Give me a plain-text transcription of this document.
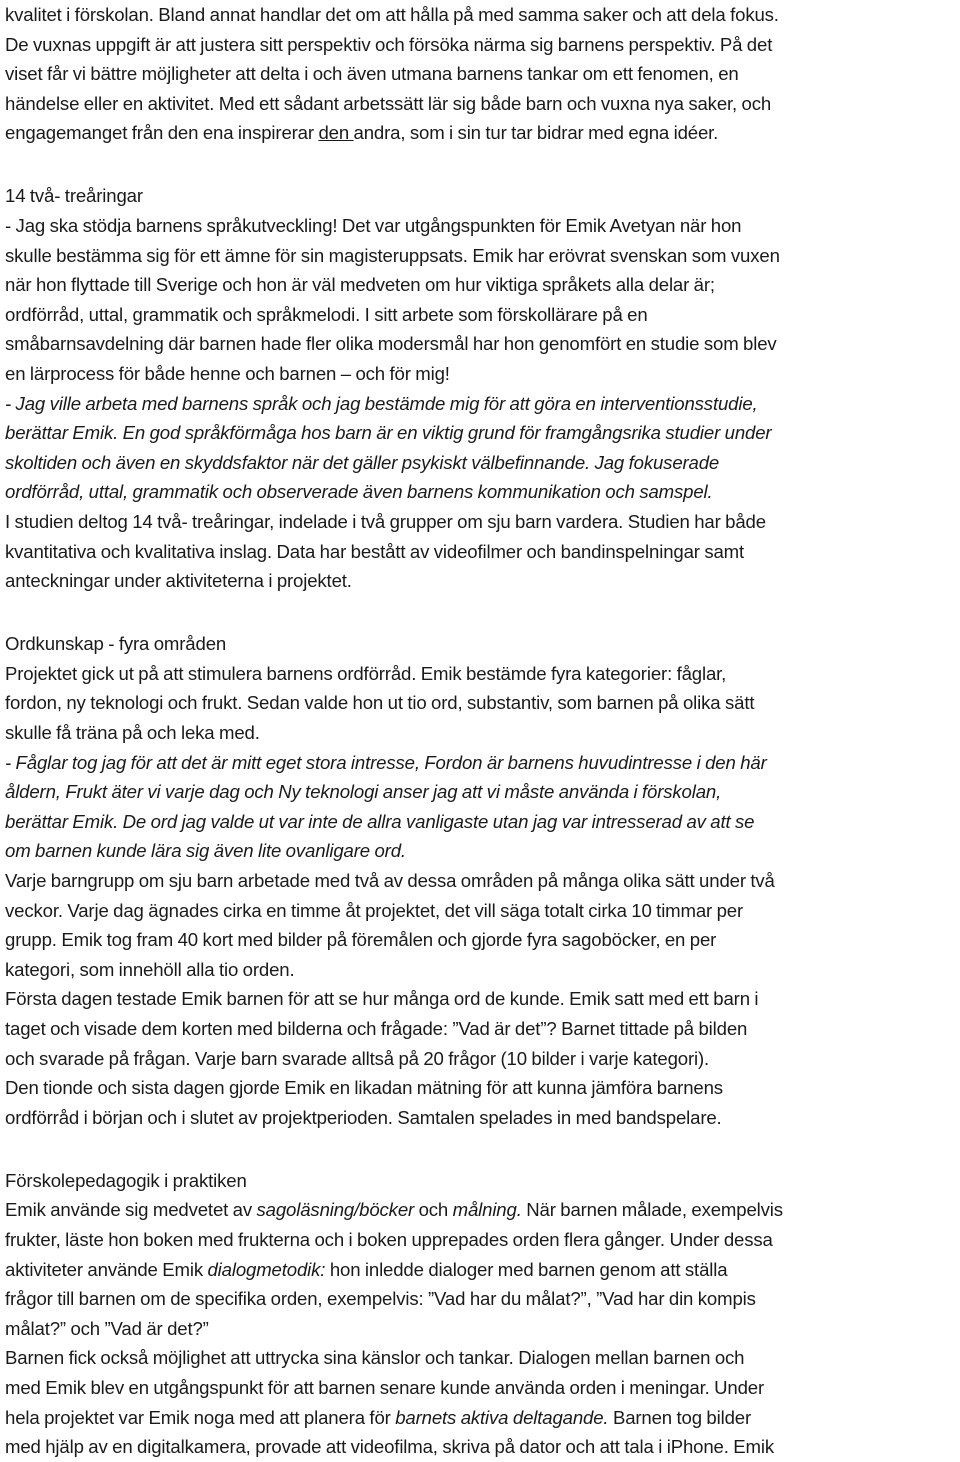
kvalitet i förskolan. Bland annat handlar det om att hålla på med samma saker och att dela fokus.
De vuxnas uppgift är att justera sitt perspektiv och försöka närma sig barnens perspektiv. På det
viset får vi bättre möjligheter att delta i och även utmana barnens tankar om ett fenomen, en
händelse eller en aktivitet. Med ett sådant arbetssätt lär sig både barn och vuxna nya saker, och
engagemanget från den ena inspirerar den andra, som i sin tur tar bidrar med egna idéer.
14 två- treåringar
- Jag ska stödja barnens språkutveckling! Det var utgångspunkten för Emik Avetyan när hon
skulle bestämma sig för ett ämne för sin magisteruppsats. Emik har erövrat svenskan som vuxen
när hon flyttade till Sverige och hon är väl medveten om hur viktiga språkets alla delar är;
ordförråd, uttal, grammatik och språkmelodi. I sitt arbete som förskollärare på en
småbarnsavdelning där barnen hade fler olika modersmål har hon genomfört en studie som blev
en lärprocess för både henne och barnen – och för mig!
- Jag ville arbeta med barnens språk och jag bestämde mig för att göra en interventionsstudie,
berättar Emik. En god språkförmåga hos barn är en viktig grund för framgångsrika studier under
skoltiden och även en skyddsfaktor när det gäller psykiskt välbefinnande. Jag fokuserade
ordförråd, uttal, grammatik och observerade även barnens kommunikation och samspel.
I studien deltog 14 två- treåringar, indelade i två grupper om sju barn vardera. Studien har både
kvantitativa och kvalitativa inslag. Data har bestått av videofilmer och bandinspelningar samt
anteckningar under aktiviteterna i projektet.
Ordkunskap - fyra områden
Projektet gick ut på att stimulera barnens ordförråd. Emik bestämde fyra kategorier: fåglar,
fordon, ny teknologi och frukt. Sedan valde hon ut tio ord, substantiv, som barnen på olika sätt
skulle få träna på och leka med.
- Fåglar tog jag för att det är mitt eget stora intresse, Fordon är barnens huvudintresse i den här
åldern, Frukt äter vi varje dag och Ny teknologi anser jag att vi måste använda i förskolan,
berättar Emik. De ord jag valde ut var inte de allra vanligaste utan jag var intresserad av att se
om barnen kunde lära sig även lite ovanligare ord.
Varje barngrupp om sju barn arbetade med två av dessa områden på många olika sätt under två
veckor. Varje dag ägnades cirka en timme åt projektet, det vill säga totalt cirka 10 timmar per
grupp. Emik tog fram 40 kort med bilder på föremålen och gjorde fyra sagoböcker, en per
kategori, som innehöll alla tio orden.
Första dagen testade Emik barnen för att se hur många ord de kunde. Emik satt med ett barn i
taget och visade dem korten med bilderna och frågade: ”Vad är det”? Barnet tittade på bilden
och svarade på frågan. Varje barn svarade alltså på 20 frågor (10 bilder i varje kategori).
Den tionde och sista dagen gjorde Emik en likadan mätning för att kunna jämföra barnens
ordförråd i början och i slutet av projektperioden. Samtalen spelades in med bandspelare.
Förskolepedagogik i praktiken
Emik använde sig medvetet av sagoläsning/böcker och målning. När barnen målade, exempelvis
frukter, läste hon boken med frukterna och i boken upprepades orden flera gånger. Under dessa
aktiviteter använde Emik dialogmetodik: hon inledde dialoger med barnen genom att ställa
frågor till barnen om de specifika orden, exempelvis: ”Vad har du målat?”, ”Vad har din kompis
målat?” och ”Vad är det?”
Barnen fick också möjlighet att uttrycka sina känslor och tankar. Dialogen mellan barnen och
med Emik blev en utgångspunkt för att barnen senare kunde använda orden i meningar. Under
hela projektet var Emik noga med att planera för barnets aktiva deltagande. Barnen tog bilder
med hjälp av en digitalkamera, provade att videofilma, skriva på dator och att tala i iPhone. Emik
